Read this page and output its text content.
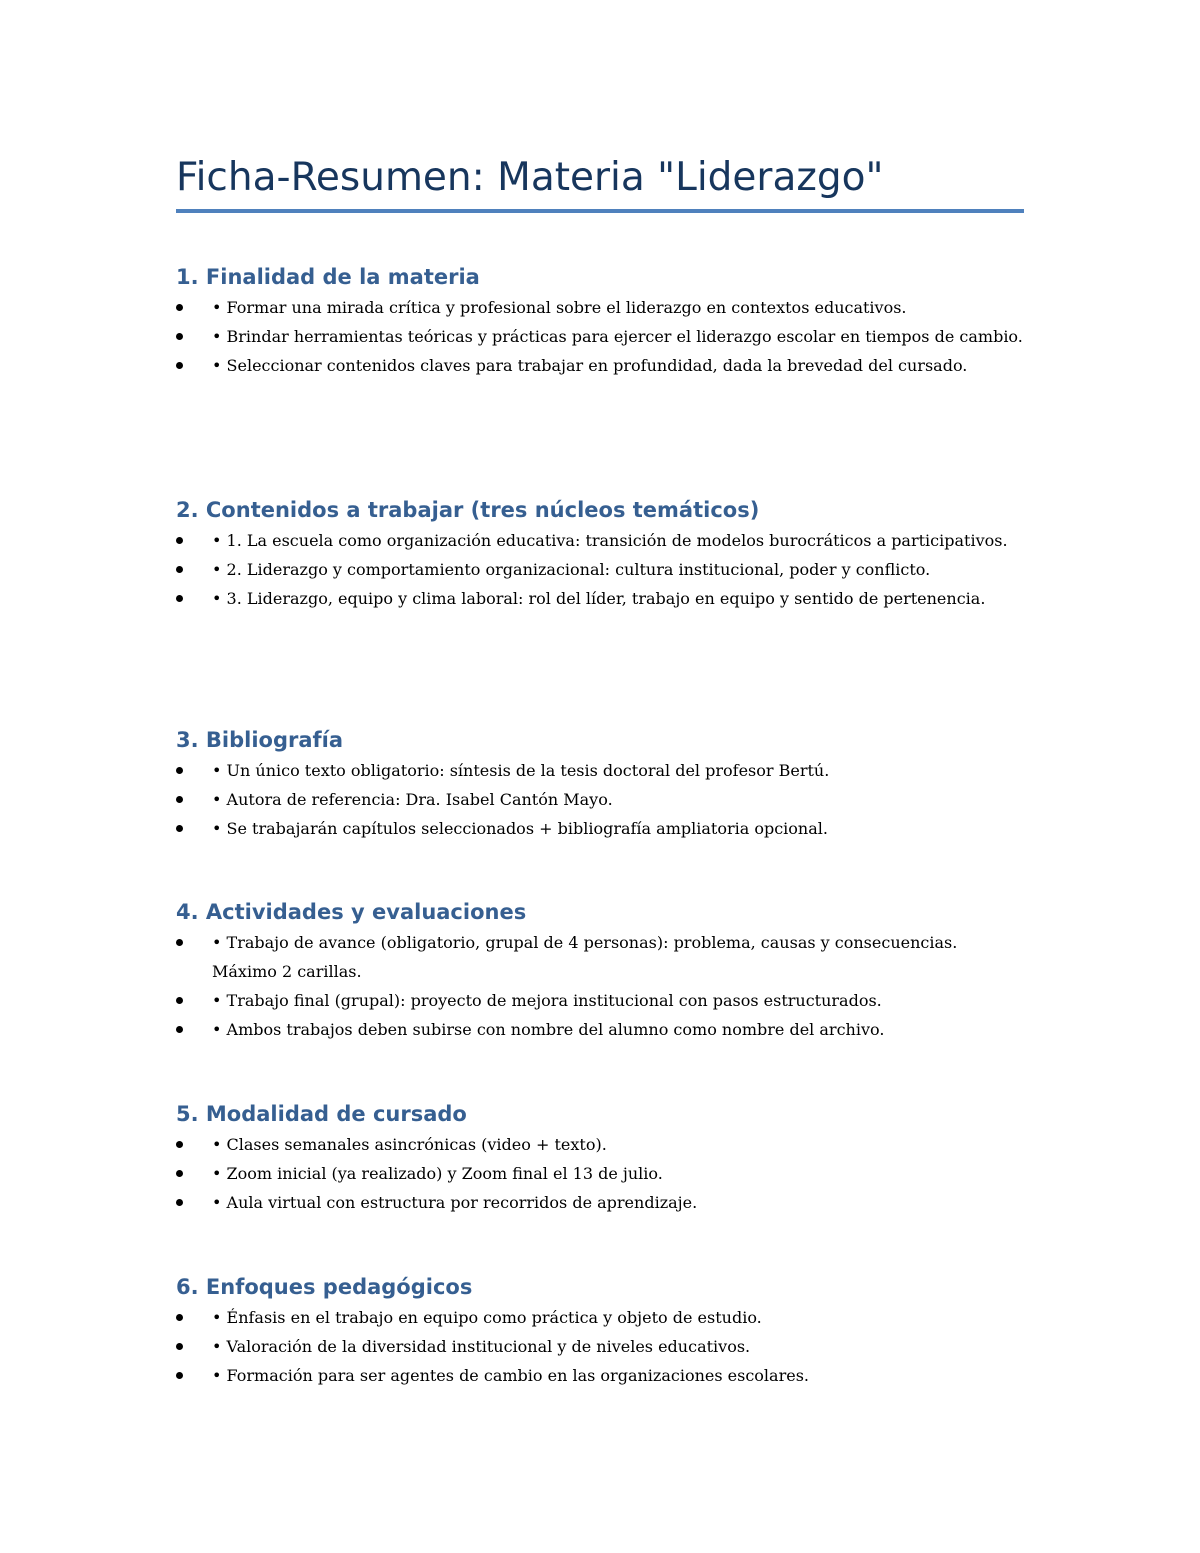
Ficha-Resumen: Materia "Liderazgo"
1. Finalidad de la materia
• Formar una mirada crítica y profesional sobre el liderazgo en contextos educativos.
• Brindar herramientas teóricas y prácticas para ejercer el liderazgo escolar en tiempos de cambio.
• Seleccionar contenidos claves para trabajar en profundidad, dada la brevedad del cursado.
2. Contenidos a trabajar (tres núcleos temáticos)
• 1. La escuela como organización educativa: transición de modelos burocráticos a participativos.
• 2. Liderazgo y comportamiento organizacional: cultura institucional, poder y conflicto.
• 3. Liderazgo, equipo y clima laboral: rol del líder, trabajo en equipo y sentido de pertenencia.
3. Bibliografía
• Un único texto obligatorio: síntesis de la tesis doctoral del profesor Bertú.
• Autora de referencia: Dra. Isabel Cantón Mayo.
• Se trabajarán capítulos seleccionados + bibliografía ampliatoria opcional.
4. Actividades y evaluaciones
• Trabajo de avance (obligatorio, grupal de 4 personas): problema, causas y consecuencias. Máximo 2 carillas.
• Trabajo final (grupal): proyecto de mejora institucional con pasos estructurados.
• Ambos trabajos deben subirse con nombre del alumno como nombre del archivo.
5. Modalidad de cursado
• Clases semanales asincrónicas (video + texto).
• Zoom inicial (ya realizado) y Zoom final el 13 de julio.
• Aula virtual con estructura por recorridos de aprendizaje.
6. Enfoques pedagógicos
• Énfasis en el trabajo en equipo como práctica y objeto de estudio.
• Valoración de la diversidad institucional y de niveles educativos.
• Formación para ser agentes de cambio en las organizaciones escolares.
